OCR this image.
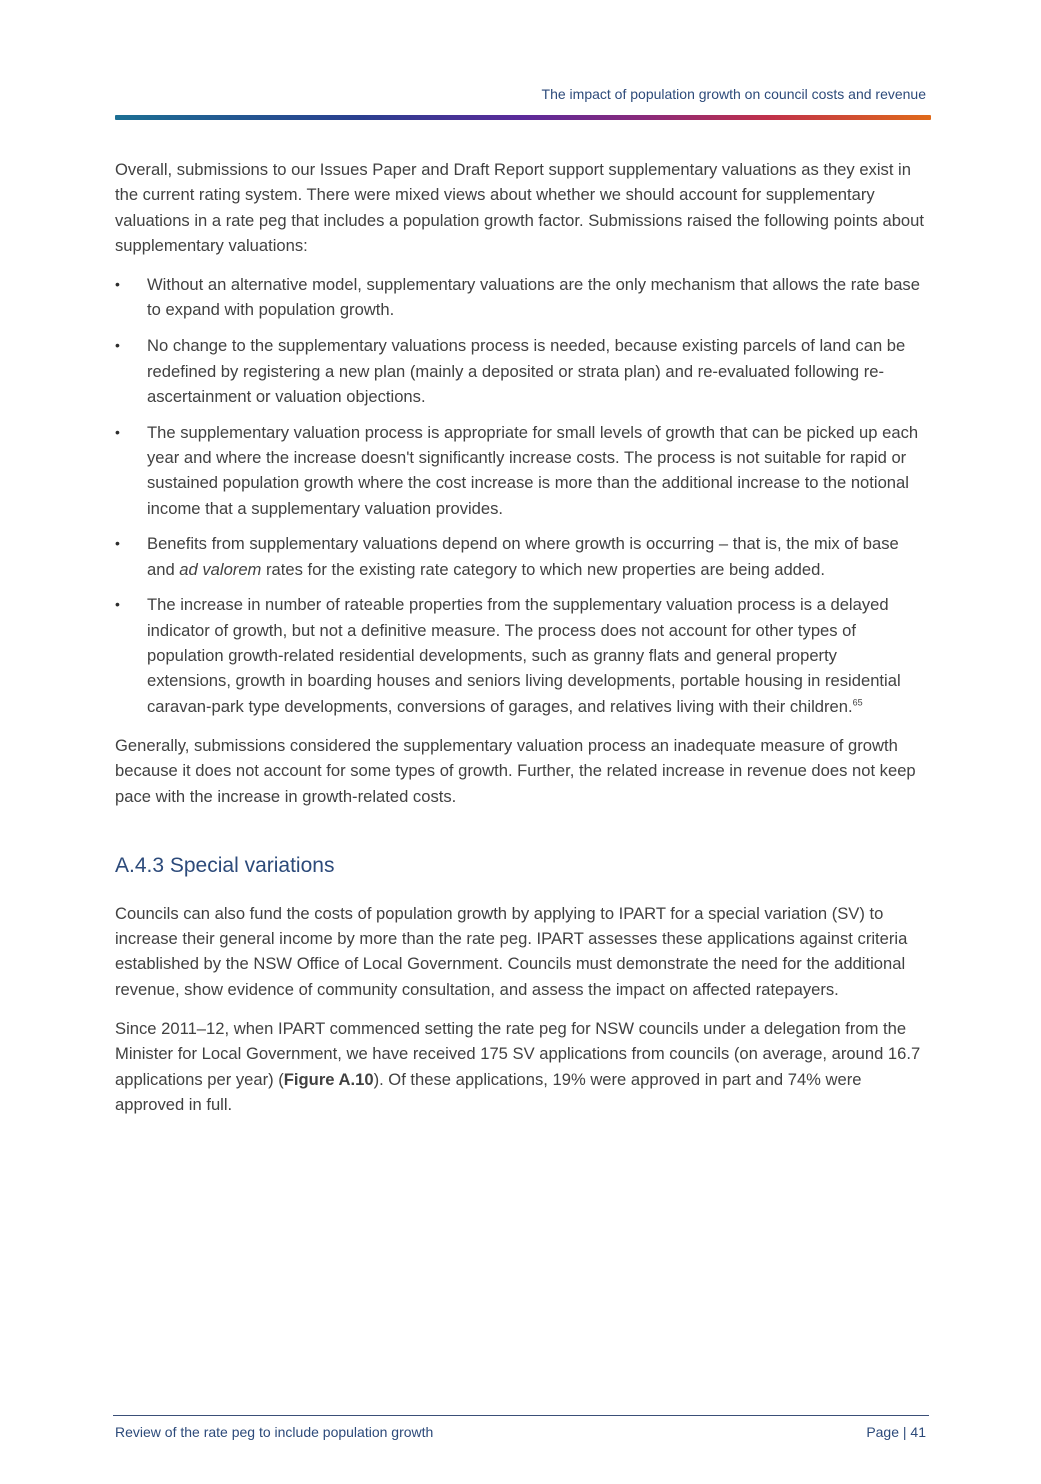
The impact of population growth on council costs and revenue

Overall, submissions to our Issues Paper and Draft Report support supplementary valuations as they exist in the current rating system. There were mixed views about whether we should account for supplementary valuations in a rate peg that includes a population growth factor. Submissions raised the following points about supplementary valuations:

• Without an alternative model, supplementary valuations are the only mechanism that allows the rate base to expand with population growth.
• No change to the supplementary valuations process is needed, because existing parcels of land can be redefined by registering a new plan (mainly a deposited or strata plan) and re-evaluated following re-ascertainment or valuation objections.
• The supplementary valuation process is appropriate for small levels of growth that can be picked up each year and where the increase doesn't significantly increase costs. The process is not suitable for rapid or sustained population growth where the cost increase is more than the additional increase to the notional income that a supplementary valuation provides.
• Benefits from supplementary valuations depend on where growth is occurring – that is, the mix of base and ad valorem rates for the existing rate category to which new properties are being added.
• The increase in number of rateable properties from the supplementary valuation process is a delayed indicator of growth, but not a definitive measure. The process does not account for other types of population growth-related residential developments, such as granny flats and general property extensions, growth in boarding houses and seniors living developments, portable housing in residential caravan-park type developments, conversions of garages, and relatives living with their children.$^{65}$

Generally, submissions considered the supplementary valuation process an inadequate measure of growth because it does not account for some types of growth. Further, the related increase in revenue does not keep pace with the increase in growth-related costs.

A.4.3 Special variations

Councils can also fund the costs of population growth by applying to IPART for a special variation (SV) to increase their general income by more than the rate peg. IPART assesses these applications against criteria established by the NSW Office of Local Government. Councils must demonstrate the need for the additional revenue, show evidence of community consultation, and assess the impact on affected ratepayers.

Since 2011–12, when IPART commenced setting the rate peg for NSW councils under a delegation from the Minister for Local Government, we have received 175 SV applications from councils (on average, around 16.7 applications per year) (Figure A.10). Of these applications, 19% were approved in part and 74% were approved in full.

Review of the rate peg to include population growth	Page | 41
